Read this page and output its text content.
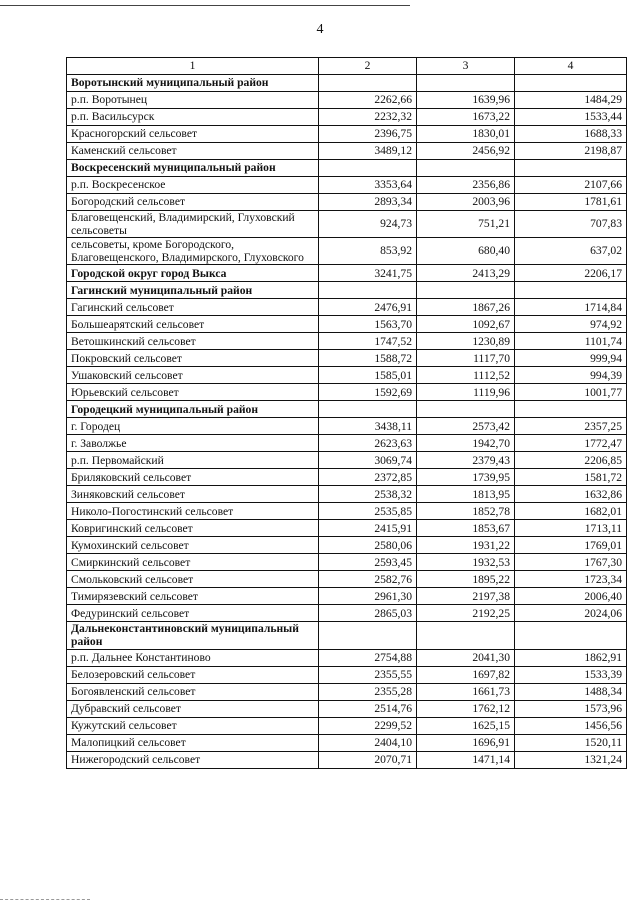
4
1	2	3	4
Воротынский муниципальный район			
р.п. Воротынец	2262,66	1639,96	1484,29
р.п. Васильсурск	2232,32	1673,22	1533,44
Красногорский сельсовет	2396,75	1830,01	1688,33
Каменский сельсовет	3489,12	2456,92	2198,87
Воскресенский муниципальный район			
р.п. Воскресенское	3353,64	2356,86	2107,66
Богородский сельсовет	2893,34	2003,96	1781,61
Благовещенский, Владимирский, Глуховский сельсоветы	924,73	751,21	707,83
сельсоветы, кроме Богородского, Благовещенского, Владимирского, Глуховского	853,92	680,40	637,02
Городской округ город Выкса	3241,75	2413,29	2206,17
Гагинский муниципальный район			
Гагинский сельсовет	2476,91	1867,26	1714,84
Большеарятский сельсовет	1563,70	1092,67	974,92
Ветошкинский сельсовет	1747,52	1230,89	1101,74
Покровский сельсовет	1588,72	1117,70	999,94
Ушаковский сельсовет	1585,01	1112,52	994,39
Юрьевский сельсовет	1592,69	1119,96	1001,77
Городецкий муниципальный район			
г. Городец	3438,11	2573,42	2357,25
г. Заволжье	2623,63	1942,70	1772,47
р.п. Первомайский	3069,74	2379,43	2206,85
Бриляковский сельсовет	2372,85	1739,95	1581,72
Зиняковский сельсовет	2538,32	1813,95	1632,86
Николо-Погостинский сельсовет	2535,85	1852,78	1682,01
Ковригинский сельсовет	2415,91	1853,67	1713,11
Кумохинский сельсовет	2580,06	1931,22	1769,01
Смиркинский сельсовет	2593,45	1932,53	1767,30
Смольковский сельсовет	2582,76	1895,22	1723,34
Тимирязевский сельсовет	2961,30	2197,38	2006,40
Федуринский сельсовет	2865,03	2192,25	2024,06
Дальнеконстантиновский муниципальный район			
р.п. Дальнее Константиново	2754,88	2041,30	1862,91
Белозеровский сельсовет	2355,55	1697,82	1533,39
Богоявленский сельсовет	2355,28	1661,73	1488,34
Дубравский сельсовет	2514,76	1762,12	1573,96
Кужутский сельсовет	2299,52	1625,15	1456,56
Малопицкий сельсовет	2404,10	1696,91	1520,11
Нижегородский сельсовет	2070,71	1471,14	1321,24
